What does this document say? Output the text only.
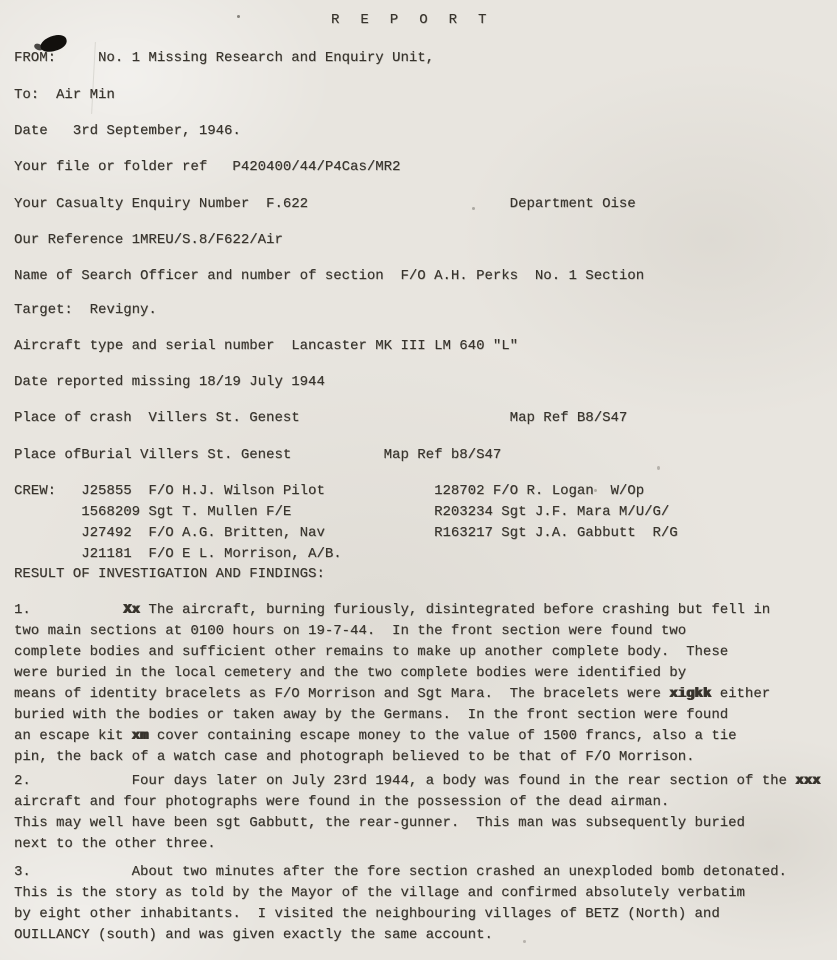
R E P O R T
FROM:     No. 1 Missing Research and Enquiry Unit,
To:  Air Min
Date   3rd September, 1946.
Your file or folder ref   P420400/44/P4Cas/MR2
Your Casualty Enquiry Number  F.622                        Department Oise
Our Reference 1MREU/S.8/F622/Air
Name of Search Officer and number of section  F/O A.H. Perks  No. 1 Section
Target:  Revigny.
Aircraft type and serial number  Lancaster MK III LM 640 "L"
Date reported missing 18/19 July 1944
Place of crash  Villers St. Genest                         Map Ref B8/S47
Place ofBurial Villers St. Genest           Map Ref b8/S47
CREW:   J25855  F/O H.J. Wilson Pilot             128702 F/O R. Logan  W/Op
1568209 Sgt T. Mullen F/E                 R203234 Sgt J.F. Mara M/U/G/
J27492  F/O A.G. Britten, Nav             R163217 Sgt J.A. Gabbutt  R/G
J21181  F/O E L. Morrison, A/B.
RESULT OF INVESTIGATION AND FINDINGS:
1.           Xx The aircraft, burning furiously, disintegrated before crashing but fell in
two main sections at 0100 hours on 19-7-44.  In the front section were found two
complete bodies and sufficient other remains to make up another complete body.  These
were buried in the local cemetery and the two complete bodies were identified by
means of identity bracelets as F/O Morrison and Sgt Mara.  The bracelets were xigkk either
buried with the bodies or taken away by the Germans.  In the front section were found
an escape kit xm cover containing escape money to the value of 1500 francs, also a tie
pin, the back of a watch case and photograph believed to be that of F/O Morrison.
2.            Four days later on July 23rd 1944, a body was found in the rear section of the xxx
aircraft and four photographs were found in the possession of the dead airman.
This may well have been sgt Gabbutt, the rear-gunner.  This man was subsequently buried
next to the other three.
3.            About two minutes after the fore section crashed an unexploded bomb detonated.
This is the story as told by the Mayor of the village and confirmed absolutely verbatim
by eight other inhabitants.  I visited the neighbouring villages of BETZ (North) and
OUILLANCY (south) and was given exactly the same account.
